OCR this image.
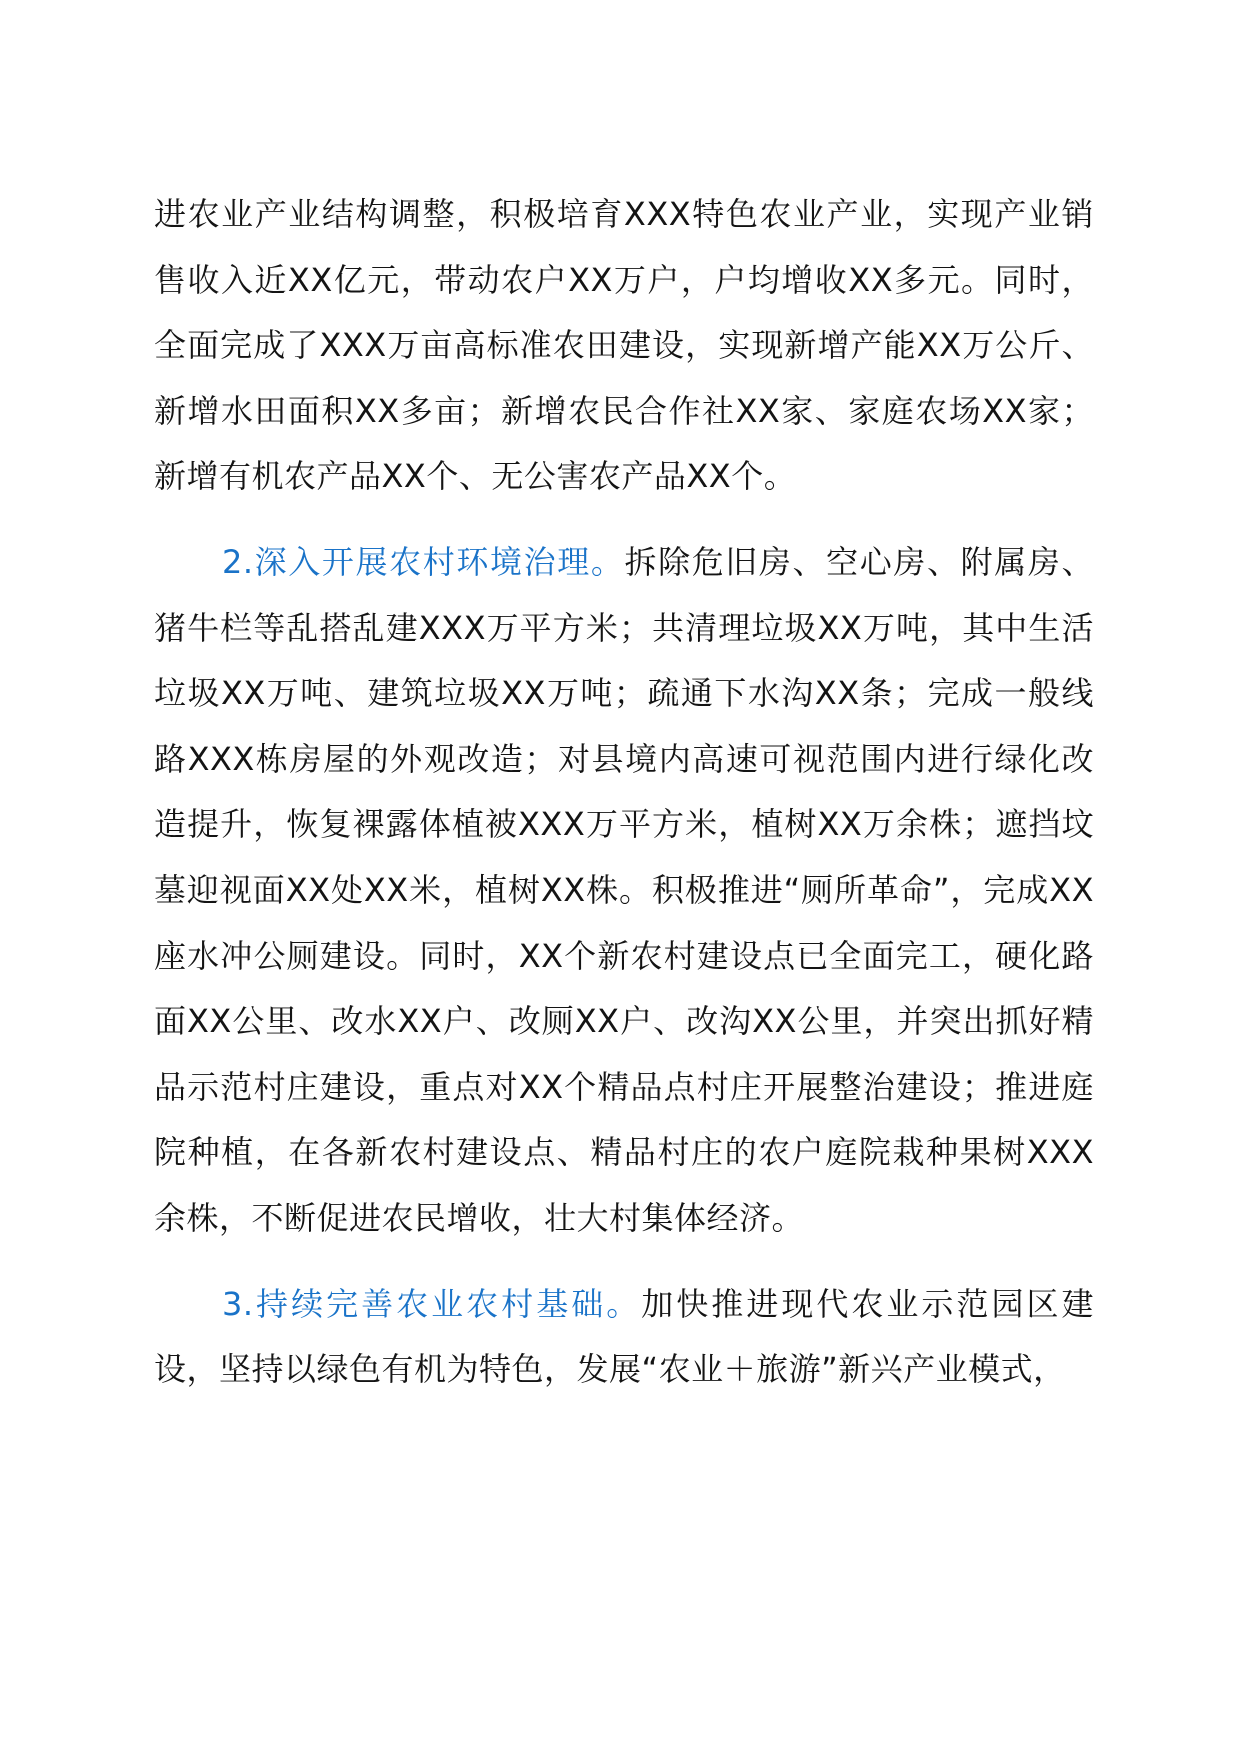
进农业产业结构调整，积极培育XXX特色农业产业，实现产业销售收入近XX亿元，带动农户XX万户，户均增收XX多元。同时，全面完成了XXX万亩高标准农田建设，实现新增产能XX万公斤、新增水田面积XX多亩；新增农民合作社XX家、家庭农场XX家；新增有机农产品XX个、无公害农产品XX个。

2.深入开展农村环境治理。拆除危旧房、空心房、附属房、猪牛栏等乱搭乱建XXX万平方米；共清理垃圾XX万吨，其中生活垃圾XX万吨、建筑垃圾XX万吨；疏通下水沟XX条；完成一般线路XXX栋房屋的外观改造；对县境内高速可视范围内进行绿化改造提升，恢复裸露体植被XXX万平方米，植树XX万余株；遮挡坟墓迎视面XX处XX米，植树XX株。积极推进“厕所革命”，完成XX座水冲公厕建设。同时，XX个新农村建设点已全面完工，硬化路面XX公里、改水XX户、改厕XX户、改沟XX公里，并突出抓好精品示范村庄建设，重点对XX个精品点村庄开展整治建设；推进庭院种植，在各新农村建设点、精品村庄的农户庭院栽种果树XXX余株，不断促进农民增收，壮大村集体经济。

3.持续完善农业农村基础。加快推进现代农业示范园区建设，坚持以绿色有机为特色，发展“农业＋旅游”新兴产业模式，
